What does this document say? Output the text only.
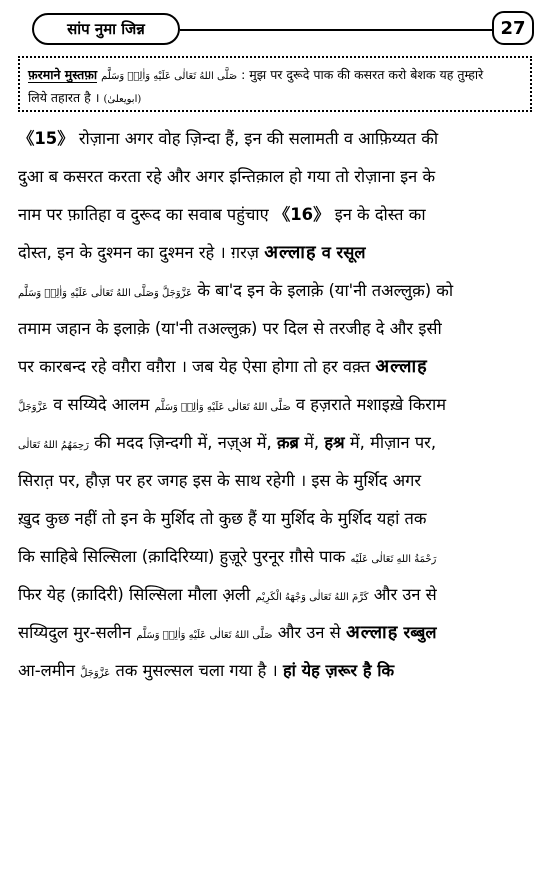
सांप नुमा जिन्न	27
फ़रमाने मुस्तफ़ा صَلَّى اللهُ تَعَالٰى عَلَيْهِ وَاٰلِهٖ وَسَلَّم : मुझ पर दुरूदे पाक की कसरत करो बेशक यह तुम्हारे
लिये तहारत है । (ابویعلیٰ)
《15》 रोज़ाना अगर वोह ज़िन्दा हैं, इन की सलामती व आफ़िय्यत की
दुआ ब कसरत करता रहे और अगर इन्तिक़ाल हो गया तो रोज़ाना इन के
नाम पर फ़ातिहा व दुरूद का सवाब पहुंचाए 《16》 इन के दोस्त का
दोस्त, इन के दुश्मन का दुश्मन रहे । ग़रज़ अल्लाह व रसूल
عَزَّوَجَلَّ وَصَلَّى اللهُ تَعَالٰى عَلَيْهِ وَاٰلِهٖ وَسَلَّم के बा'द इन के इलाक़े (या'नी तअल्लुक़) को
तमाम जहान के इलाक़े (या'नी तअल्लुक़) पर दिल से तरजीह दे और इसी
पर कारबन्द रहे वग़ैरा वग़ैरा । जब येह ऐसा होगा तो हर वक़्त अल्लाह
عَزَّوَجَلَّ व सय्यिदे आलम صَلَّى اللهُ تَعَالٰى عَلَيْهِ وَاٰلِهٖ وَسَلَّم व हज़राते मशाइख़े किराम
رَحِمَهُمُ اللهُ تَعَالٰی की मदद ज़िन्दगी में, नज़्अ में, क़ब्र में, हश्र में, मीज़ान पर,
सिरात़ पर, हौज़ पर हर जगह इस के साथ रहेगी । इस के मुर्शिद अगर
ख़ुद कुछ नहीं तो इन के मुर्शिद तो कुछ हैं या मुर्शिद के मुर्शिद यहां तक
कि साहिबे सिल्सिला (क़ादिरिय्या) हुज़ूरे पुरनूर ग़ौसे पाक رَحْمَةُ اللهِ تَعَالٰى عَلَيْه
फिर येह (क़ादिरी) सिल्सिला मौला अ़ली كَرَّمَ اللهُ تَعَالٰى وَجْهَهُ الْكَرِيْم और उन से
सय्यिदुल मुर-सलीन صَلَّى اللهُ تَعَالٰى عَلَيْهِ وَاٰلِهٖ وَسَلَّم और उन से अल्लाह रब्बुल
आ-लमीन عَزَّوَجَلَّ तक मुसल्सल चला गया है । हां येह ज़रूर है कि
